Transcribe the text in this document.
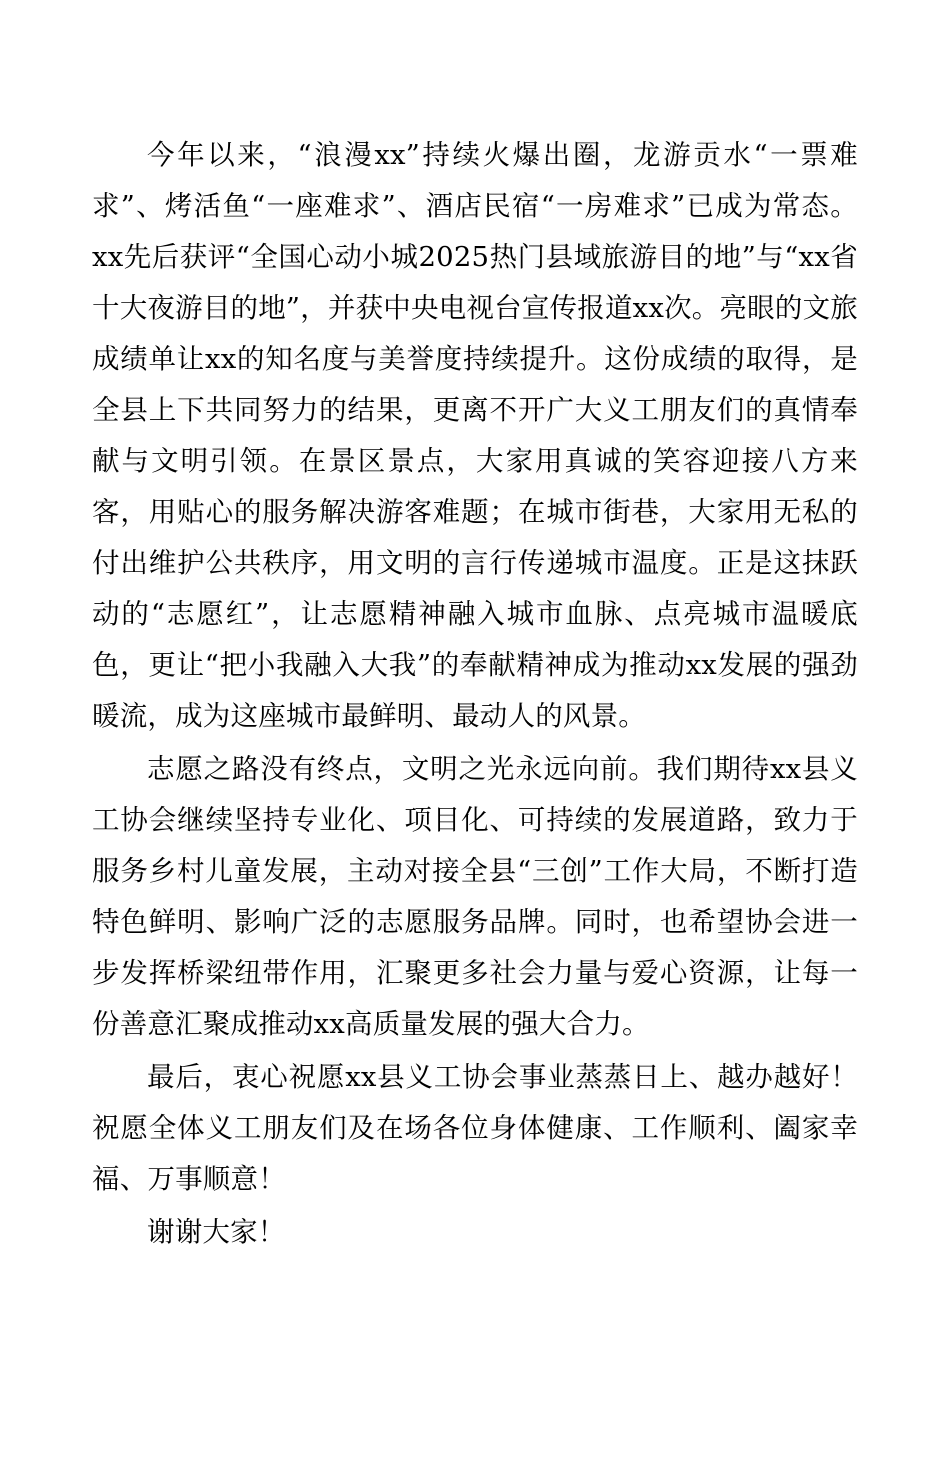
今年以来，“浪漫xx”持续火爆出圈，龙游贡水“一票难求”、烤活鱼“一座难求”、酒店民宿“一房难求”已成为常态。xx先后获评“全国心动小城2025热门县域旅游目的地”与“xx省十大夜游目的地”，并获中央电视台宣传报道xx次。亮眼的文旅成绩单让xx的知名度与美誉度持续提升。这份成绩的取得，是全县上下共同努力的结果，更离不开广大义工朋友们的真情奉献与文明引领。在景区景点，大家用真诚的笑容迎接八方来客，用贴心的服务解决游客难题；在城市街巷，大家用无私的付出维护公共秩序，用文明的言行传递城市温度。正是这抹跃动的“志愿红”，让志愿精神融入城市血脉、点亮城市温暖底色，更让“把小我融入大我”的奉献精神成为推动xx发展的强劲暖流，成为这座城市最鲜明、最动人的风景。

志愿之路没有终点，文明之光永远向前。我们期待xx县义工协会继续坚持专业化、项目化、可持续的发展道路，致力于服务乡村儿童发展，主动对接全县“三创”工作大局，不断打造特色鲜明、影响广泛的志愿服务品牌。同时，也希望协会进一步发挥桥梁纽带作用，汇聚更多社会力量与爱心资源，让每一份善意汇聚成推动xx高质量发展的强大合力。

最后，衷心祝愿xx县义工协会事业蒸蒸日上、越办越好！祝愿全体义工朋友们及在场各位身体健康、工作顺利、阖家幸福、万事顺意！

谢谢大家！
